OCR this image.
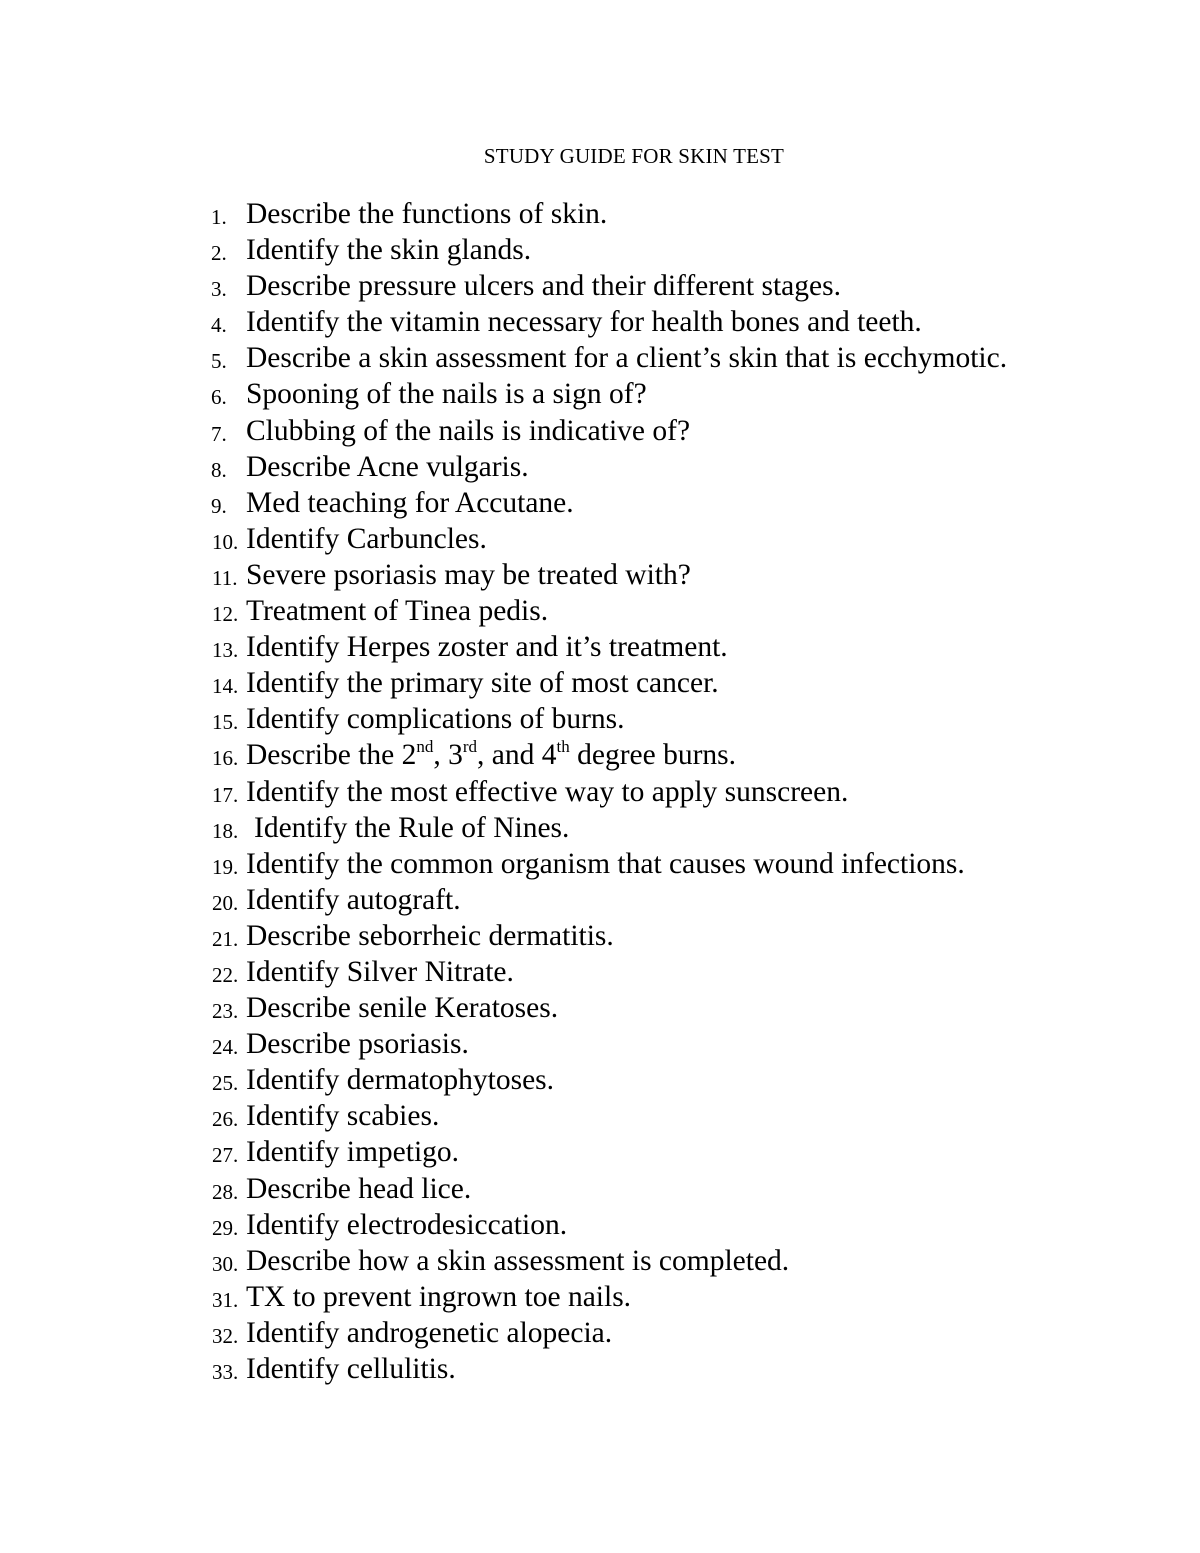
STUDY GUIDE FOR SKIN TEST
1. Describe the functions of skin.
2. Identify the skin glands.
3. Describe pressure ulcers and their different stages.
4. Identify the vitamin necessary for health bones and teeth.
5. Describe a skin assessment for a client’s skin that is ecchymotic.
6. Spooning of the nails is a sign of?
7. Clubbing of the nails is indicative of?
8. Describe Acne vulgaris.
9. Med teaching for Accutane.
10. Identify Carbuncles.
11. Severe psoriasis may be treated with?
12. Treatment of Tinea pedis.
13. Identify Herpes zoster and it’s treatment.
14. Identify the primary site of most cancer.
15. Identify complications of burns.
16. Describe the 2nd, 3rd, and 4th degree burns.
17. Identify the most effective way to apply sunscreen.
18. Identify the Rule of Nines.
19. Identify the common organism that causes wound infections.
20. Identify autograft.
21. Describe seborrheic dermatitis.
22. Identify Silver Nitrate.
23. Describe senile Keratoses.
24. Describe psoriasis.
25. Identify dermatophytoses.
26. Identify scabies.
27. Identify impetigo.
28. Describe head lice.
29. Identify electrodesiccation.
30. Describe how a skin assessment is completed.
31. TX to prevent ingrown toe nails.
32. Identify androgenetic alopecia.
33. Identify cellulitis.
